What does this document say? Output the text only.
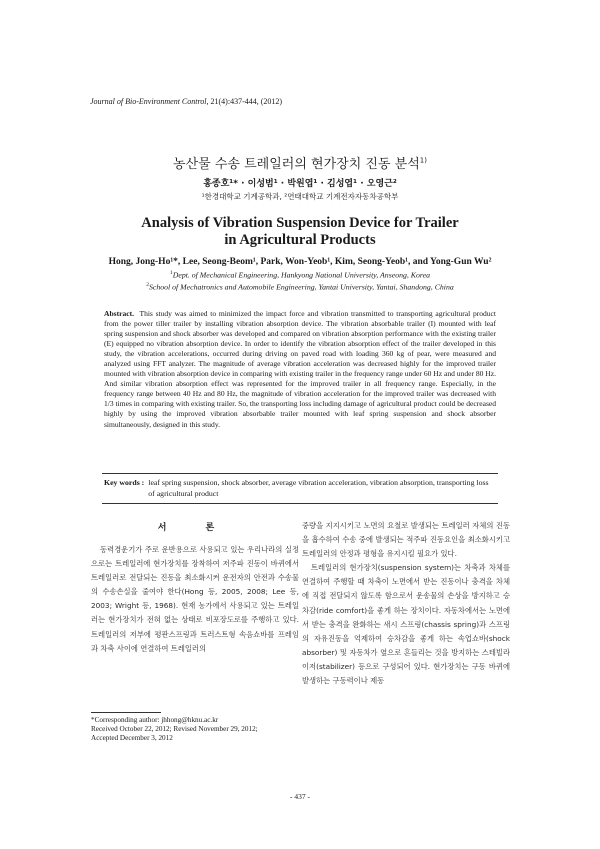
Journal of Bio-Environment Control, 21(4):437-444, (2012)
농산물 수송 트레일러의 현가장치 진동 분석$^{1)}$
홍종호¹* · 이성범¹ · 박원엽¹ · 김성엽¹ · 오영근²
¹한경대학교 기계공학과, ²연태대학교 기계전자자동차공학부
Analysis of Vibration Suspension Device for Trailer
in Agricultural Products
Hong, Jong-Ho¹*, Lee, Seong-Beom¹, Park, Won-Yeob¹, Kim, Seong-Yeob¹, and Yong-Gun Wu²
$^1$Dept. of Mechanical Engineering, Hankyong National University, Anseong, Korea
$^2$School of Mechatronics and Automobile Engineering, Yantai University, Yantai, Shandong, China
Abstract. This study was aimed to minimized the impact force and vibration transmitted to transporting agricultural product from the power tiller trailer by installing vibration absorption device. The vibration absorbable trailer (I) mounted with leaf spring suspension and shock absorber was developed and compared on vibration absorption performance with the existing trailer (E) equipped no vibration absorption device. In order to identify the vibration absorption effect of the trailer developed in this study, the vibration accelerations, occurred during driving on paved road with loading 360 kg of pear, were measured and analyzed using FFT analyzer. The magnitude of average vibration acceleration was decreased highly for the improved trailer mounted with vibration absorption device in comparing with existing trailer in the frequency range under 60 Hz and under 80 Hz. And similar vibration absorption effect was represented for the improved trailer in all frequency range. Especially, in the frequency range between 40 Hz and 80 Hz, the magnitude of vibration acceleration for the improved trailer was decreased with 1/3 times in comparing with existing trailer. So, the transporting loss including damage of agricultural product could be decreased highly by using the improved vibration absorbable trailer mounted with leaf spring suspension and shock absorber simultaneously, designed in this study.
Key words : leaf spring suspension, shock absorber, average vibration acceleration, vibration absorption, transporting loss of agricultural product
서 론

동력경운기가 주로 운반용으로 사용되고 있는 우리나라의 실정으로는 트레일러에 현가장치를 장착하여 저주파 진동이 바퀴에서 트레일러로 전달되는 진동을 최소화시켜 운전자의 안전과 수송물의 수송손실을 줄여야 한다(Hong 등, 2005, 2008; Lee 등, 2003; Wright 등, 1968). 현재 농가에서 사용되고 있는 트레일러는 현가장치가 전혀 없는 상태로 비포장도로를 주행하고 있다. 트레일러의 저부에 평판스프링과 트러스트형 속음쇼바를 프레임과 차축 사이에 연결하여 트레일러의

중량을 지지시키고 노면의 요철로 발생되는 트레일러 자체의 진동을 흡수하여 수송 중에 발생되는 적주파 진동요인을 최소화시키고 트레일러의 안정과 평형을 유지시킬 필요가 있다.

트레일러의 현가장치(suspension system)는 차축과 차체를 연결하여 주행할 때 차축이 노면에서 받는 진동이나 충격을 차체에 직접 전달되지 않도록 함으로서 운송물의 손상을 방지하고 승차감(ride comfort)을 좋게 하는 장치이다. 자동차에서는 노면에서 받는 충격을 완화하는 새시 스프링(chassis spring)과 스프링의 자유진동을 억제하여 승차감을 좋게 하는 속업쇼바(shock absorber) 및 자동차가 옆으로 흔들리는 것을 방지하는 스테빌라이저(stabilizer) 등으로 구성되어 있다. 현가장치는 구동 바퀴에 발생하는 구동력이나 제동

*Corresponding author: jhhong@hknu.ac.kr
Received October 22, 2012; Revised November 29, 2012;
Accepted December 3, 2012
- 437 -
